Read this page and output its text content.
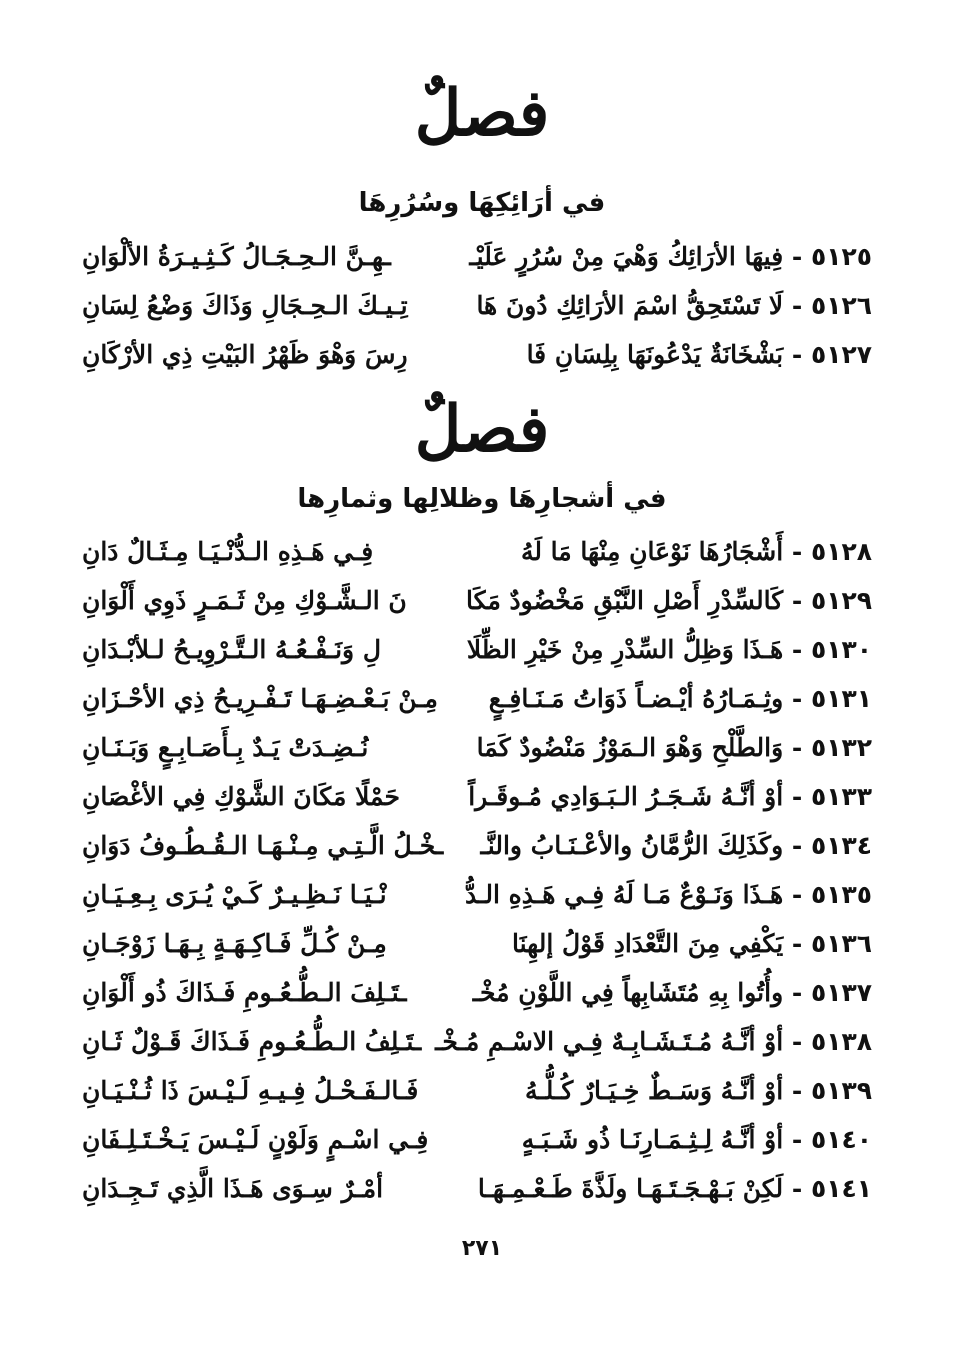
فصلٌ
في أرَائِكِهَا وسُرُرِهَا
٥١٢٥ - فِيهَا الأرَائِكُ وَهْيَ مِنْ سُرُرٍ عَلَيْـ
ـهِـنَّ الـحِـجَـالُ كَـثِـيـرَةُ الألْوَانِ
٥١٢٦ - لَا تَسْتَحِقُّ اسْمَ الأرَائِكِ دُونَ هَا
تِـيـكَ الـحِـجَالِ وَذَاكَ وَضْعُ لِسَانِ
٥١٢٧ - بَشْخَانَةٌ يَدْعُونَهَا بِلِسَانِ فَا
رِسَ وَهْوَ ظَهْرُ البَيْتِ ذِي الأرْكَانِ
فصلٌ
في أشجارِهَا وظلالِها وثمارِها
٥١٢٨ - أَشْجَارُهَا نَوْعَانِ مِنْهَا مَا لَهُ
فِـي هَـذِهِ الـدُّنْـيَـا مِـثَـالٌ دَانِ
٥١٢٩ - كَالسِّدْرِ أَصْلِ النَّبْقِ مَخْضُودٌ مَكَا
نَ الـشَّـوْكِ مِنْ ثَـمَـرٍ ذَوِي أَلْوَانِ
٥١٣٠ - هَـذَا وَظِلُّ السِّدْرِ مِنْ خَيْرِ الظِّلَا
لِ وَنَـفْـعُـهُ الـتَّـرْوِيـحُ لـلأبْـدَانِ
٥١٣١ - وثِـمَـارُهُ أيْـضـاً ذَوَاتُ مَـنَـافِـعٍ
مِـنْ بَـعْـضِـهَـا تَـفْـرِيـحُ ذِي الأحْـزَانِ
٥١٣٢ - وَالطَّلْحِ وَهْوَ الـمَوْزُ مَنْضُودٌ كَمَا
نُـضِـدَتْ يَـدٌ بِـأَصَـابِـعٍ وَبَـنَـانِ
٥١٣٣ - أوْ أنَّـهُ شَـجَـرُ الـبَـوَادِي مُـوقَـراً
حَمْلًا مَكَانَ الشَّوْكِ فِي الأغْصَانِ
٥١٣٤ - وكَذَلِكَ الرُّمَّانُ والأعْـنَـابُ والنَّـ
ـخْـلُ الَّـتِـي مِـنْـهَـا الـقُـطُـوفُ دَوَانِ
٥١٣٥ - هَـذَا وَنَـوْعٌ مَـا لَهُ فِـي هَـذِهِ الـدُّ
نْـيَـا نَـظِـيـرٌ كَـيْ يُـرَى بِـعِـيَـانِ
٥١٣٦ - يَكْفِي مِنَ التَّعْدَادِ قَوْلُ إلهِنَا
مِـنْ كُـلِّ فَـاكِـهَـةٍ بِـهَـا زَوْجَـانِ
٥١٣٧ - وأُتُوا بِهِ مُتَشَابِهاً فِي اللَّوْنِ مُخْـ
ـتَـلِفَ الـطُّـعُـومِ فَـذَاكَ ذُو أَلْوَانِ
٥١٣٨ - أوْ أنَّـهُ مُـتَـشَـابِـهٌ فِـي الاسْـمِ مُـخْـ
ـتَـلِفُ الـطُّـعُـومِ فَـذَاكَ قَـوْلٌ ثَـانِ
٥١٣٩ - أوْ أنَّـهُ وَسَـطٌ خِـيَـارٌ كُـلُّـهُ
فَـالـفَـحْـلُ فِـيـهِ لَـيْـسَ ذَا ثُـنْـيَـانِ
٥١٤٠ - أوْ أنَّـهُ لِـثِـمَـارِنَـا ذُو شَـبَـهٍ
فِـي اسْـمٍ وَلَوْنٍ لَـيْـسَ يَـخْـتَـلِـفَانِ
٥١٤١ - لَكِنْ بَـهْـجَـتَـهَـا ولَذَّةَ طَـعْـمِـهَـا
أمْـرٌ سِـوَى هَـذَا الَّذِي تَـجِـدَانِ
٢٧١
